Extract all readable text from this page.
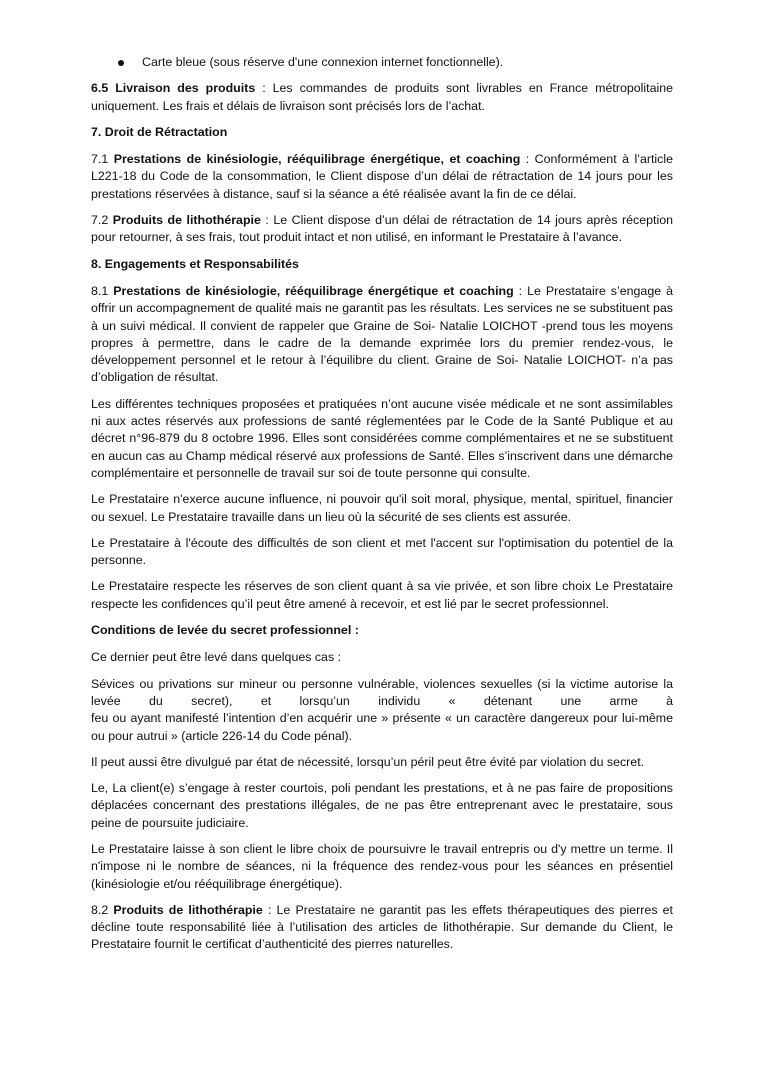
Carte bleue (sous réserve d'une connexion internet fonctionnelle).

6.5 Livraison des produits : Les commandes de produits sont livrables en France métropolitaine uniquement. Les frais et délais de livraison sont précisés lors de l’achat.

7. Droit de Rétractation

7.1 Prestations de kinésiologie, rééquilibrage énergétique, et coaching : Conformément à l’article L221-18 du Code de la consommation, le Client dispose d’un délai de rétractation de 14 jours pour les prestations réservées à distance, sauf si la séance a été réalisée avant la fin de ce délai.

7.2 Produits de lithothérapie : Le Client dispose d’un délai de rétractation de 14 jours après réception pour retourner, à ses frais, tout produit intact et non utilisé, en informant le Prestataire à l’avance.

8. Engagements et Responsabilités

8.1 Prestations de kinésiologie, rééquilibrage énergétique et coaching : Le Prestataire s’engage à offrir un accompagnement de qualité mais ne garantit pas les résultats. Les services ne se substituent pas à un suivi médical. Il convient de rappeler que Graine de Soi- Natalie LOICHOT -prend tous les moyens propres à permettre, dans le cadre de la demande exprimée lors du premier rendez-vous, le développement personnel et le retour à l’équilibre du client. Graine de Soi- Natalie LOICHOT- n’a pas d’obligation de résultat.

Les différentes techniques proposées et pratiquées n’ont aucune visée médicale et ne sont assimilables ni aux actes réservés aux professions de santé réglementées par le Code de la Santé Publique et au décret n°96-879 du 8 octobre 1996. Elles sont considérées comme complémentaires et ne se substituent en aucun cas au Champ médical réservé aux professions de Santé. Elles s’inscrivent dans une démarche complémentaire et personnelle de travail sur soi de toute personne qui consulte.

Le Prestataire n'exerce aucune influence, ni pouvoir qu'il soit moral, physique, mental, spirituel, financier ou sexuel. Le Prestataire travaille dans un lieu où la sécurité de ses clients est assurée.

Le Prestataire à l'écoute des difficultés de son client et met l'accent sur l'optimisation du potentiel de la personne.

Le Prestataire respecte les réserves de son client quant à sa vie privée, et son libre choix Le Prestataire respecte les confidences qu’il peut être amené à recevoir, et est lié par le secret professionnel.

Conditions de levée du secret professionnel :

Ce dernier peut être levé dans quelques cas :

Sévices ou privations sur mineur ou personne vulnérable, violences sexuelles (si la victime autorise la
levée du secret), et lorsqu’un individu « détenant une arme à
feu ou ayant manifesté l’intention d’en acquérir une » présente « un caractère dangereux pour lui-même ou pour autrui » (article 226-14 du Code pénal).

Il peut aussi être divulgué par état de nécessité, lorsqu’un péril peut être évité par violation du secret.

Le, La client(e) s’engage à rester courtois, poli pendant les prestations, et à ne pas faire de propositions déplacées concernant des prestations illégales, de ne pas être entreprenant avec le prestataire, sous peine de poursuite judiciaire.

Le Prestataire laisse à son client le libre choix de poursuivre le travail entrepris ou d'y mettre un terme. Il n'impose ni le nombre de séances, ni la fréquence des rendez-vous pour les séances en présentiel (kinésiologie et/ou rééquilibrage énergétique).

8.2 Produits de lithothérapie : Le Prestataire ne garantit pas les effets thérapeutiques des pierres et décline toute responsabilité liée à l’utilisation des articles de lithothérapie. Sur demande du Client, le Prestataire fournit le certificat d’authenticité des pierres naturelles.
